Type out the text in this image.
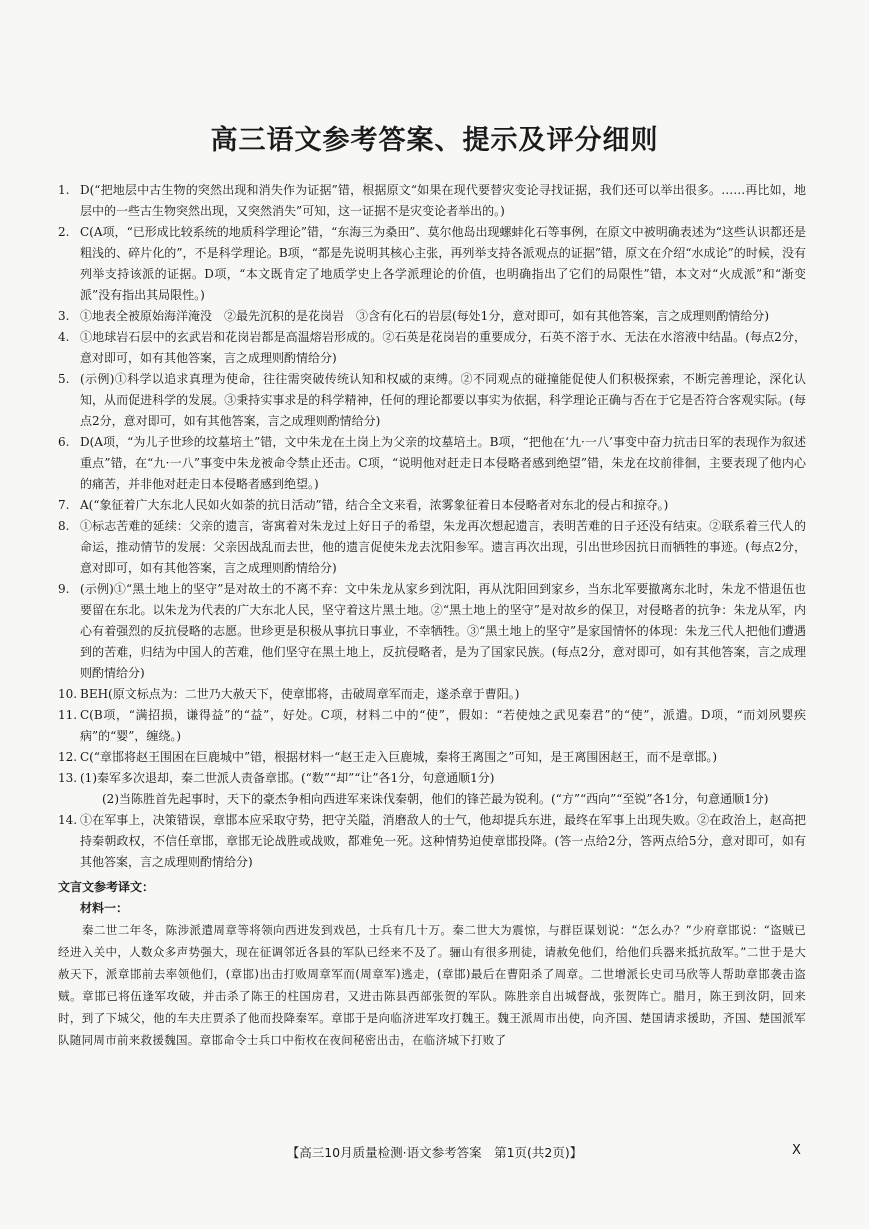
高三语文参考答案、提示及评分细则
1. D(“把地层中古生物的突然出现和消失作为证据”错，根据原文“如果在现代要替灾变论寻找证据，我们还可以举出很多。……再比如，地层中的一些古生物突然出现，又突然消失”可知，这一证据不是灾变论者举出的。)
2. C(A项，“已形成比较系统的地质科学理论”错，“东海三为桑田”、莫尔他岛出现螺蚌化石等事例，在原文中被明确表述为“这些认识都还是粗浅的、碎片化的”，不是科学理论。B项，“都是先说明其核心主张，再列举支持各派观点的证据”错，原文在介绍“水成论”的时候，没有列举支持该派的证据。D项，“本文既肯定了地质学史上各学派理论的价值，也明确指出了它们的局限性”错，本文对“火成派”和“渐变派”没有指出其局限性。)
3. ①地表全被原始海洋淹没　②最先沉积的是花岗岩　③含有化石的岩层(每处1分，意对即可，如有其他答案，言之成理则酌情给分)
4. ①地球岩石层中的玄武岩和花岗岩都是高温熔岩形成的。②石英是花岗岩的重要成分，石英不溶于水、无法在水溶液中结晶。(每点2分，意对即可，如有其他答案，言之成理则酌情给分)
5. (示例)①科学以追求真理为使命，往往需突破传统认知和权威的束缚。②不同观点的碰撞能促使人们积极探索，不断完善理论，深化认知，从而促进科学的发展。③秉持实事求是的科学精神，任何的理论都要以事实为依据，科学理论正确与否在于它是否符合客观实际。(每点2分，意对即可，如有其他答案，言之成理则酌情给分)
6. D(A项，“为儿子世珍的坟墓培土”错，文中朱龙在土岗上为父亲的坟墓培土。B项，“把他在‘九·一八’事变中奋力抗击日军的表现作为叙述重点”错，在“九·一八”事变中朱龙被命令禁止还击。C项，“说明他对赶走日本侵略者感到绝望”错，朱龙在坟前徘徊，主要表现了他内心的痛苦，并非他对赶走日本侵略者感到绝望。)
7. A(“象征着广大东北人民如火如荼的抗日活动”错，结合全文来看，浓雾象征着日本侵略者对东北的侵占和掠夺。)
8. ①标志苦难的延续：父亲的遗言，寄寓着对朱龙过上好日子的希望，朱龙再次想起遗言，表明苦难的日子还没有结束。②联系着三代人的命运，推动情节的发展：父亲因战乱而去世，他的遗言促使朱龙去沈阳参军。遗言再次出现，引出世珍因抗日而牺牲的事迹。(每点2分，意对即可，如有其他答案，言之成理则酌情给分)
9. (示例)①“黑土地上的坚守”是对故土的不离不弃：文中朱龙从家乡到沈阳，再从沈阳回到家乡，当东北军要撤离东北时，朱龙不惜退伍也要留在东北。以朱龙为代表的广大东北人民，坚守着这片黑土地。②“黑土地上的坚守”是对故乡的保卫，对侵略者的抗争：朱龙从军，内心有着强烈的反抗侵略的志愿。世珍更是积极从事抗日事业，不幸牺牲。③“黑土地上的坚守”是家国情怀的体现：朱龙三代人把他们遭遇到的苦难，归结为中国人的苦难，他们坚守在黑土地上，反抗侵略者，是为了国家民族。(每点2分，意对即可，如有其他答案，言之成理则酌情给分)
10. BEH(原文标点为：二世乃大赦天下，使章邯将，击破周章军而走，遂杀章于曹阳。)
11. C(B项，“满招损，谦得益”的“益”，好处。C项，材料二中的“使”，假如：“若使烛之武见秦君”的“使”，派遣。D项，“而刘夙婴疾病”的“婴”，缠绕。)
12. C(“章邯将赵王围困在巨鹿城中”错，根据材料一“赵王走入巨鹿城，秦将王离围之”可知，是王离围困赵王，而不是章邯。)
13. (1)秦军多次退却，秦二世派人责备章邯。(“数”“却”“让”各1分，句意通顺1分)
(2)当陈胜首先起事时，天下的豪杰争相向西进军来诛伐秦朝，他们的锋芒最为锐利。(“方”“西向”“至锐”各1分，句意通顺1分)
14. ①在军事上，决策错误，章邯本应采取守势，把守关隘，消磨敌人的士气，他却提兵东进，最终在军事上出现失败。②在政治上，赵高把持秦朝政权，不信任章邯，章邯无论战胜或战败，都难免一死。这种情势迫使章邯投降。(答一点给2分，答两点给5分，意对即可，如有其他答案，言之成理则酌情给分)
文言文参考译文：
材料一：
秦二世二年冬，陈涉派遣周章等将领向西进发到戏邑，士兵有几十万。秦二世大为震惊，与群臣谋划说：“怎么办？”少府章邯说：“盗贼已经进入关中，人数众多声势强大，现在征调邻近各县的军队已经来不及了。骊山有很多刑徒，请赦免他们，给他们兵器来抵抗敌军。”二世于是大赦天下，派章邯前去率领他们，(章邯)出击打败周章军而(周章军)逃走，(章邯)最后在曹阳杀了周章。二世增派长史司马欣等人帮助章邯袭击盗贼。章邯已将伍逢军攻破，并击杀了陈王的柱国房君，又进击陈县西部张贺的军队。陈胜亲自出城督战，张贺阵亡。腊月，陈王到汝阴，回来时，到了下城父，他的车夫庄贾杀了他而投降秦军。章邯于是向临济进军攻打魏王。魏王派周市出使，向齐国、楚国请求援助，齐国、楚国派军队随同周市前来救援魏国。章邯命令士兵口中衔枚在夜间秘密出击，在临济城下打败了
【高三10月质量检测·语文参考答案　第1页(共2页)】	X
